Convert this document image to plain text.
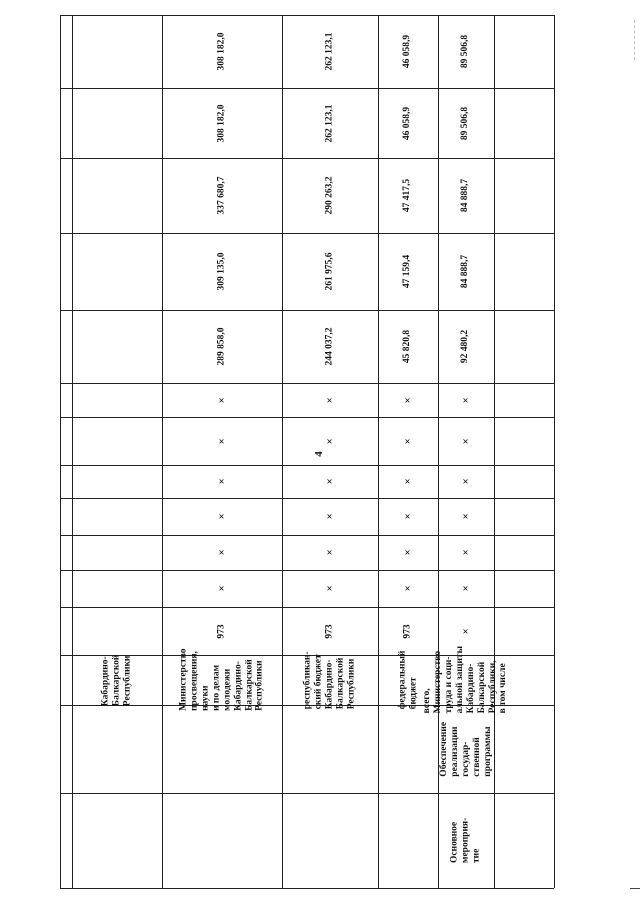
4
Основное
мероприя-
тие
Обеспечение
реализации
государ-
ственной
программы
Кабардино-
Балкарской
Республики	Министерство
просвещения,
науки
и по делам
молодежи
Кабардино-
Балкарской
Республики
973
×
×
×
×
×
×
289 858,0
309 135,0
337 680,7
308 182,0
308 182,0
республикан-
ский бюджет
Кабардино-
Балкарской
Республики
973
×
×
×
×
×
×
244 037,2
261 975,6
290 263,2
262 123,1
262 123,1
федеральный
бюджет
973
×
×
×
×
×
×
45 820,8
47 159,4
47 417,5
46 058,9
46 058,9
всего,
Министерство
труда и соци-
альной защиты
Кабардино-
Балкарской
Республики,
в том числе
×
×
×
×
×
×
×
92 480,2
84 888,7
84 888,7
89 506,8
89 506,8
